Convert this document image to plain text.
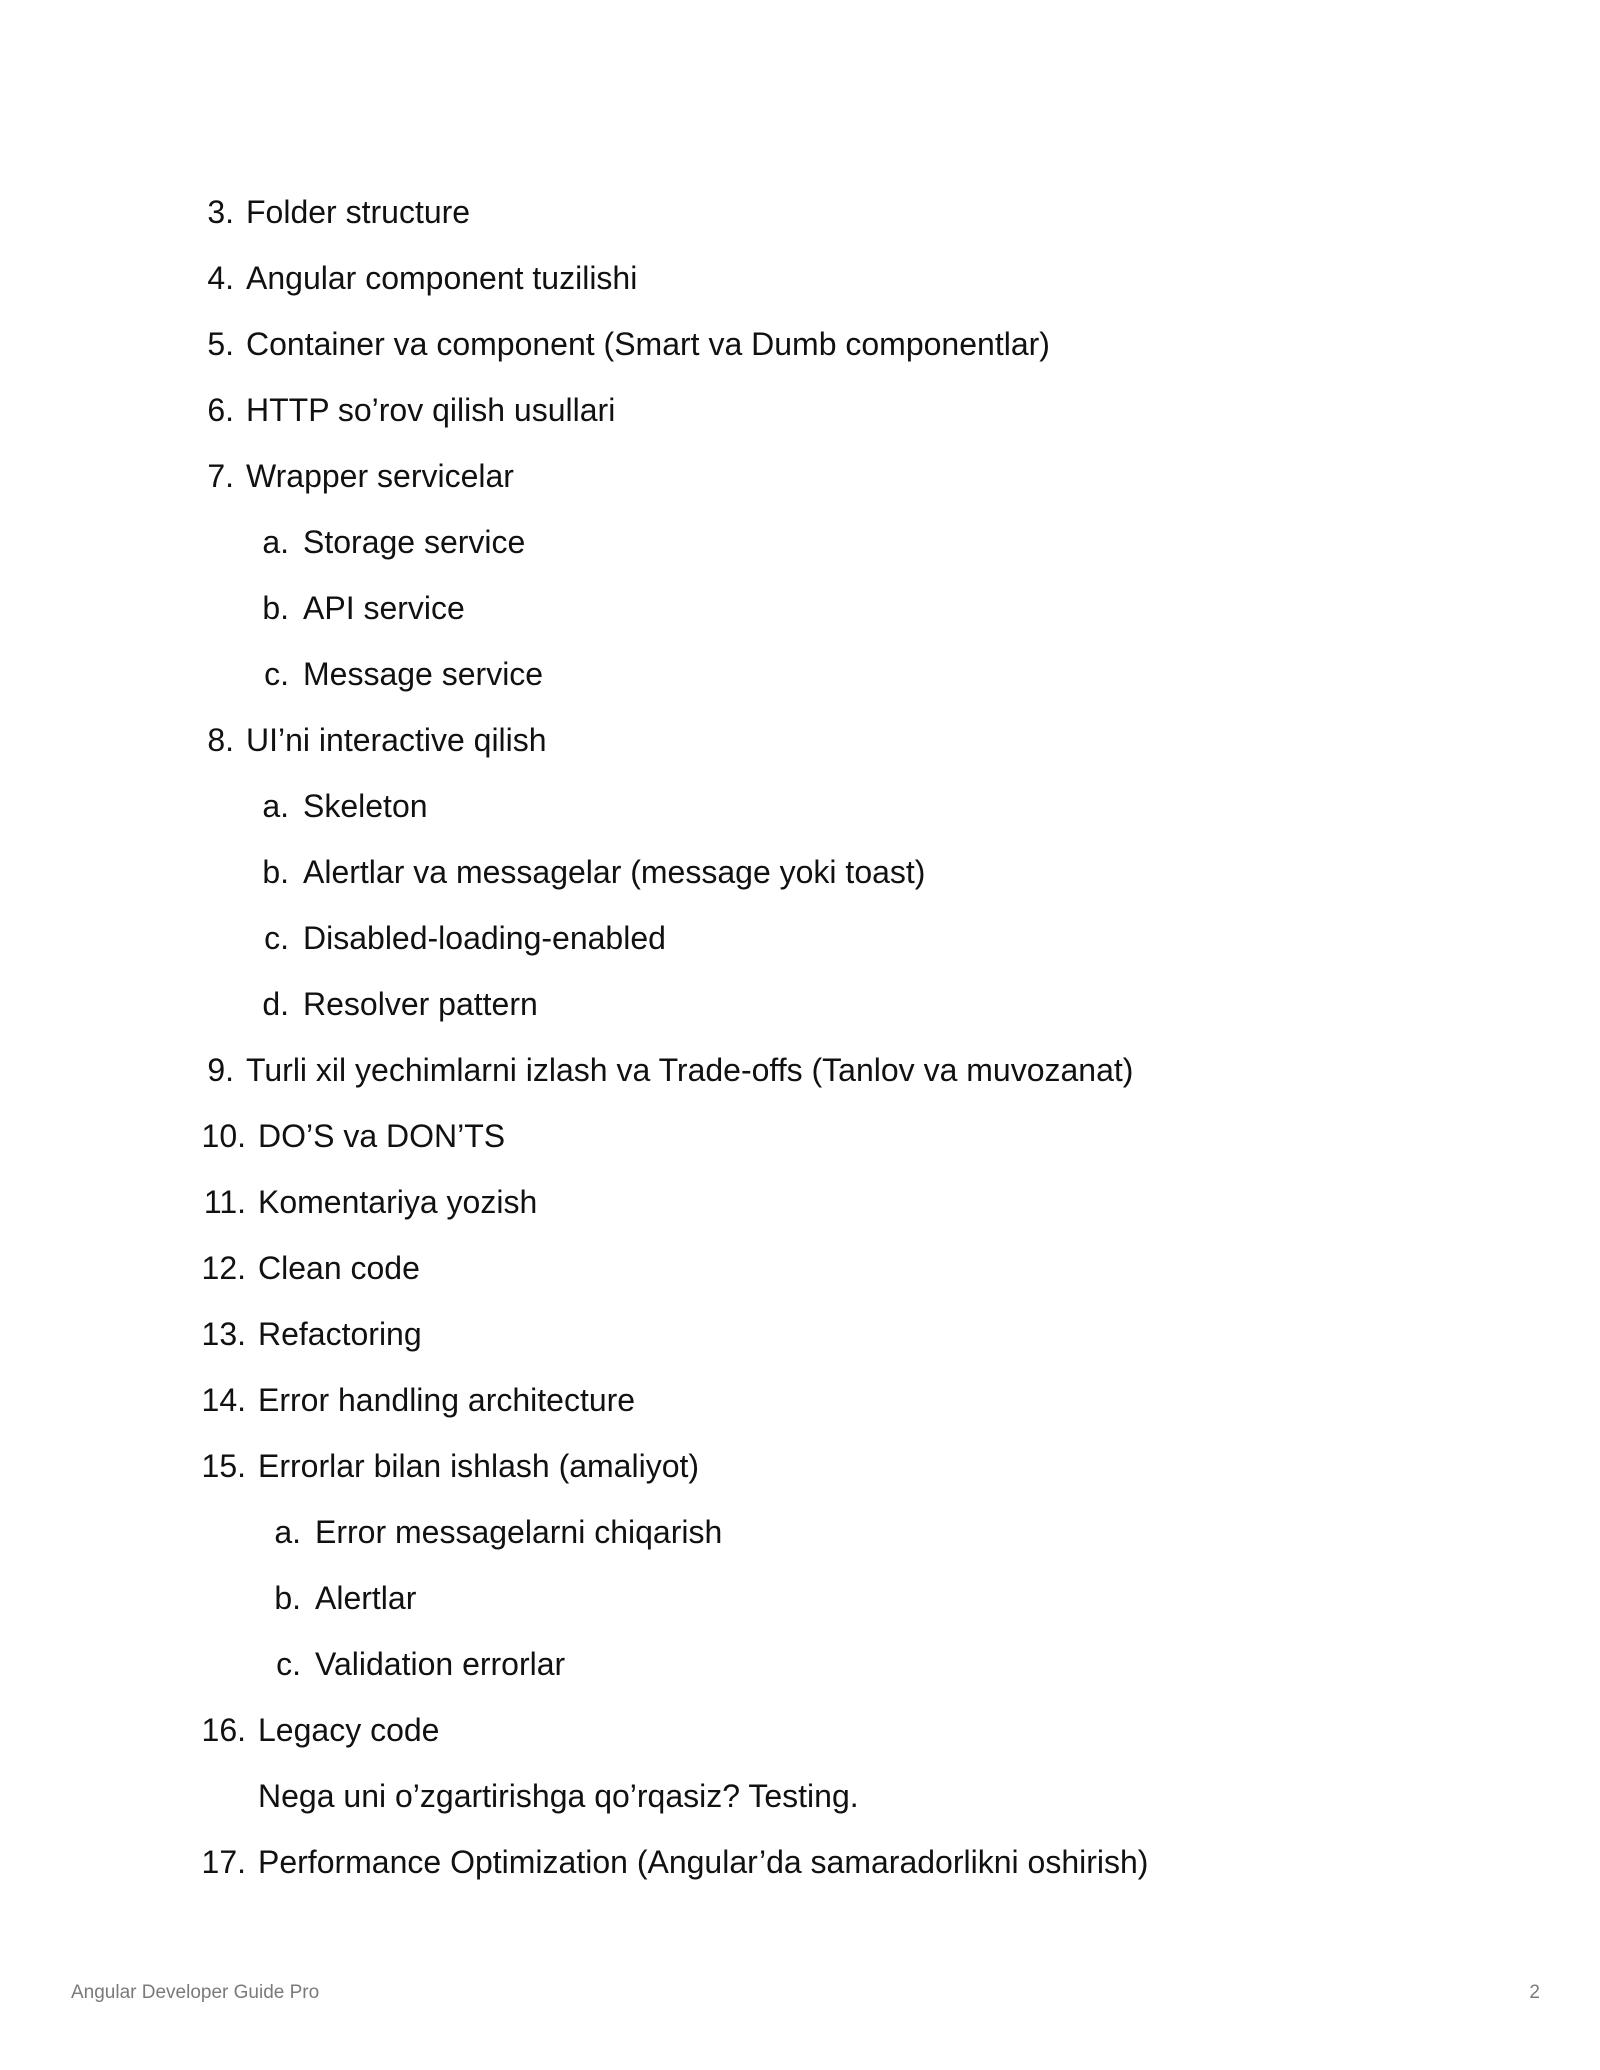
3. Folder structure
4. Angular component tuzilishi
5. Container va component (Smart va Dumb componentlar)
6. HTTP so’rov qilish usullari
7. Wrapper servicelar
a. Storage service
b. API service
c. Message service
8. UI’ni interactive qilish
a. Skeleton
b. Alertlar va messagelar (message yoki toast)
c. Disabled-loading-enabled
d. Resolver pattern
9. Turli xil yechimlarni izlash va Trade-offs (Tanlov va muvozanat)
10. DO’S va DON’TS
11. Komentariya yozish
12. Clean code
13. Refactoring
14. Error handling architecture
15. Errorlar bilan ishlash (amaliyot)
a. Error messagelarni chiqarish
b. Alertlar
c. Validation errorlar
16. Legacy code
Nega uni o’zgartirishga qo’rqasiz? Testing.
17. Performance Optimization (Angular’da samaradorlikni oshirish)
Angular Developer Guide Pro	2
